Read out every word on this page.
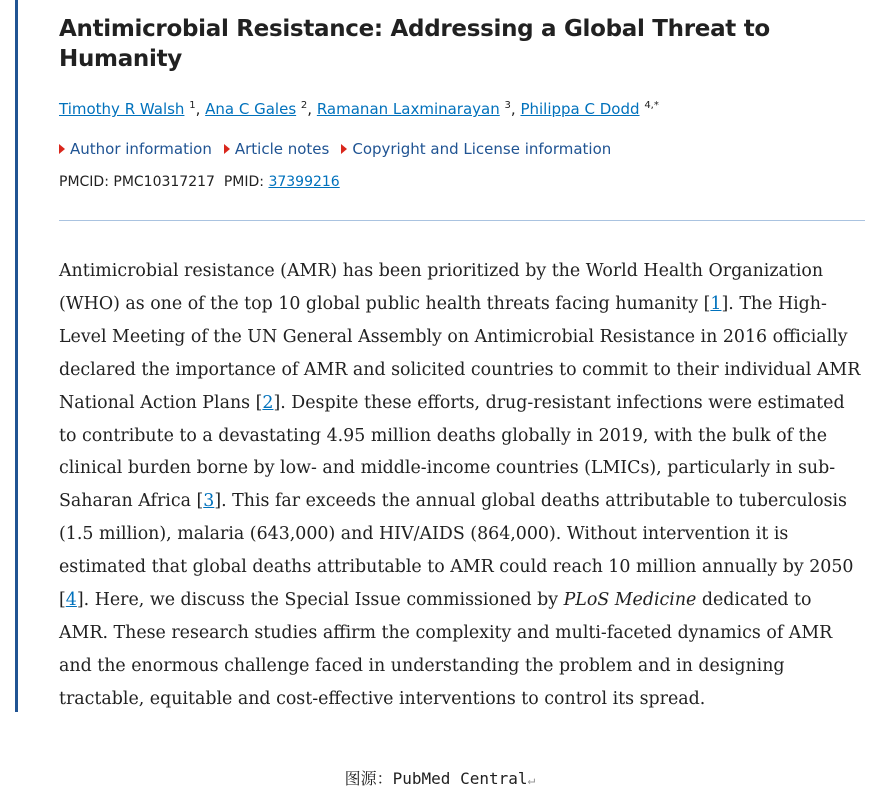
Antimicrobial Resistance: Addressing a Global Threat to Humanity
Timothy R Walsh $^1$, Ana C Gales $^2$, Ramanan Laxminarayan $^3$, Philippa C Dodd $^{4,*}$
Author information Article notes Copyright and License information
PMCID: PMC10317217 PMID: 37399216

Antimicrobial resistance (AMR) has been prioritized by the World Health Organization (WHO) as one of the top 10 global public health threats facing humanity [1]. The High-Level Meeting of the UN General Assembly on Antimicrobial Resistance in 2016 officially declared the importance of AMR and solicited countries to commit to their individual AMR National Action Plans [2]. Despite these efforts, drug-resistant infections were estimated to contribute to a devastating 4.95 million deaths globally in 2019, with the bulk of the clinical burden borne by low- and middle-income countries (LMICs), particularly in sub-Saharan Africa [3]. This far exceeds the annual global deaths attributable to tuberculosis (1.5 million), malaria (643,000) and HIV/AIDS (864,000). Without intervention it is estimated that global deaths attributable to AMR could reach 10 million annually by 2050 [4]. Here, we discuss the Special Issue commissioned by PLoS Medicine dedicated to AMR. These research studies affirm the complexity and multi-faceted dynamics of AMR and the enormous challenge faced in understanding the problem and in designing tractable, equitable and cost-effective interventions to control its spread.

图源：PubMed Central↵
